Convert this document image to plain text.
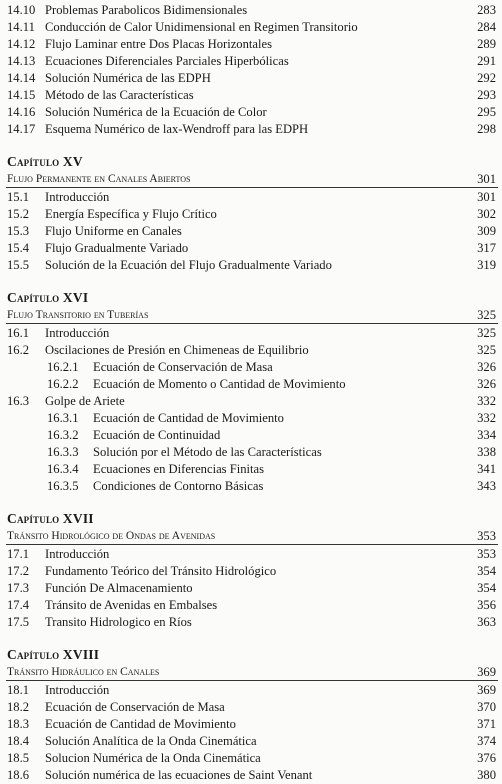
14.10 Problemas Parabolicos Bidimensionales	283
14.11 Conducción de Calor Unidimensional en Regimen Transitorio	284
14.12 Flujo Laminar entre Dos Placas Horizontales	289
14.13 Ecuaciones Diferenciales Parciales Hiperbólicas	291
14.14 Solución Numérica de las EDPH	292
14.15 Método de las Características	293
14.16 Solución Numérica de la Ecuación de Color	295
14.17 Esquema Numérico de lax-Wendroff para las EDPH	298
Capítulo XV
Flujo Permanente en Canales Abiertos	301
15.1 Introducción	301
15.2 Energía Específica y Flujo Crítico	302
15.3 Flujo Uniforme en Canales	309
15.4 Flujo Gradualmente Variado	317
15.5 Solución de la Ecuación del Flujo Gradualmente Variado	319
Capítulo XVI
Flujo Transitorio en Tuberías	325
16.1 Introducción	325
16.2 Oscilaciones de Presión en Chimeneas de Equilibrio	325
16.2.1 Ecuación de Conservación de Masa	326
16.2.2 Ecuación de Momento o Cantidad de Movimiento	326
16.3 Golpe de Ariete	332
16.3.1 Ecuación de Cantidad de Movimiento	332
16.3.2 Ecuación de Continuidad	334
16.3.3 Solución por el Método de las Características	338
16.3.4 Ecuaciones en Diferencias Finitas	341
16.3.5 Condiciones de Contorno Básicas	343
Capítulo XVII
Tránsito Hidrológico de Ondas de Avenidas	353
17.1 Introducción	353
17.2 Fundamento Teórico del Tránsito Hidrológico	354
17.3 Función De Almacenamiento	354
17.4 Tránsito de Avenidas en Embalses	356
17.5 Transito Hidrologico en Ríos	363
Capítulo XVIII
Tránsito Hidráulico en Canales	369
18.1 Introducción	369
18.2 Ecuación de Conservación de Masa	370
18.3 Ecuación de Cantidad de Movimiento	371
18.4 Solución Analítica de la Onda Cinemática	374
18.5 Solucion Numérica de la Onda Cinemática	376
18.6 Solución numérica de las ecuaciones de Saint Venant	380
